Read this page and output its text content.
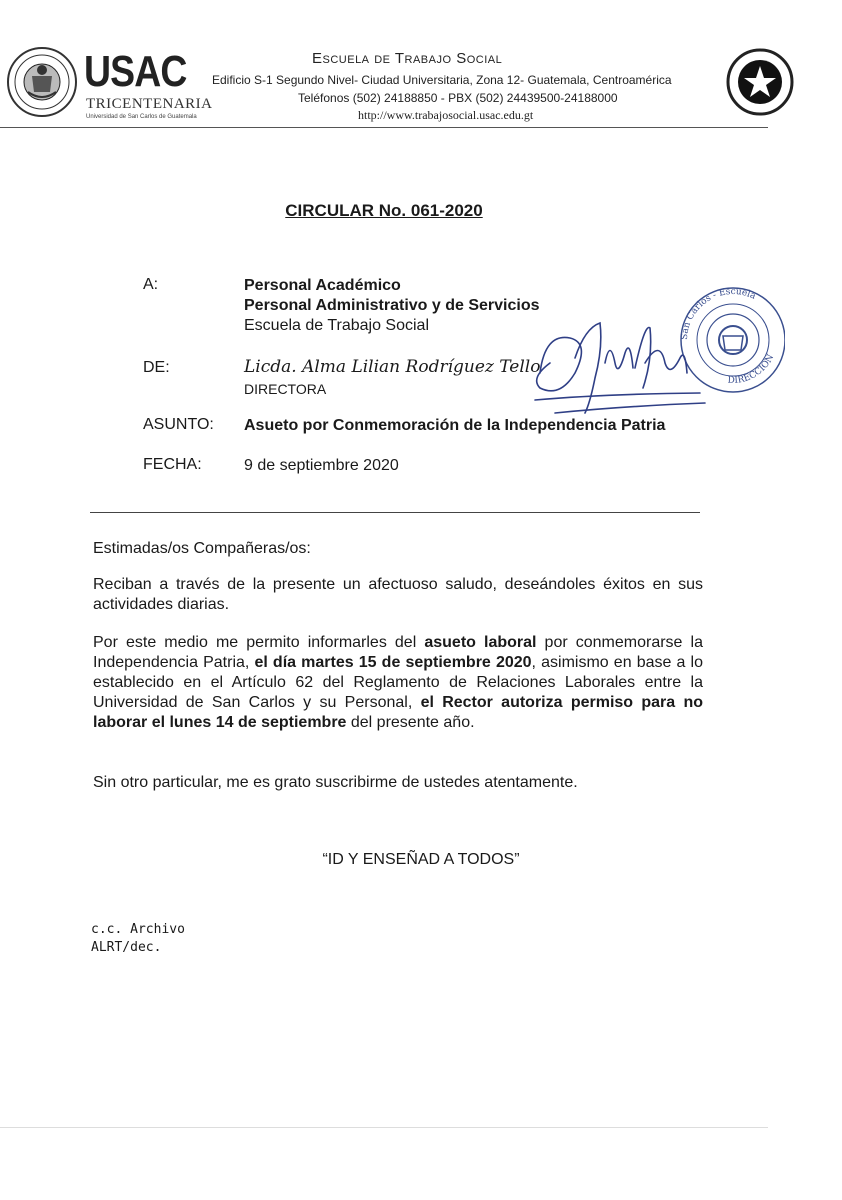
USAC
TRICENTENARIA
Universidad de San Carlos de Guatemala
Escuela de Trabajo Social
Edificio S-1 Segundo Nivel- Ciudad Universitaria, Zona 12- Guatemala, Centroamérica
Teléfonos (502) 24188850 - PBX (502) 24439500-24188000
http://www.trabajosocial.usac.edu.gt
CIRCULAR No. 061-2020
A:	Personal Académico
Personal Administrativo y de Servicios
Escuela de Trabajo Social
DE:	Licda. Alma Lilian Rodríguez Tello
DIRECTORA
ASUNTO: Asueto por Conmemoración de la Independencia Patria
FECHA:	9 de septiembre 2020
San Carlos - Escuela
DIRECCION
Estimadas/os Compañeras/os:
Reciban a través de la presente un afectuoso saludo, deseándoles éxitos en sus actividades diarias.
Por este medio me permito informarles del asueto laboral por conmemorarse la Independencia Patria, el día martes 15 de septiembre 2020, asimismo en base a lo establecido en el Artículo 62 del Reglamento de Relaciones Laborales entre la Universidad de San Carlos y su Personal, el Rector autoriza permiso para no laborar el lunes 14 de septiembre del presente año.
Sin otro particular, me es grato suscribirme de ustedes atentamente.
“ID Y ENSEÑAD A TODOS”
c.c. Archivo
ALRT/dec.
